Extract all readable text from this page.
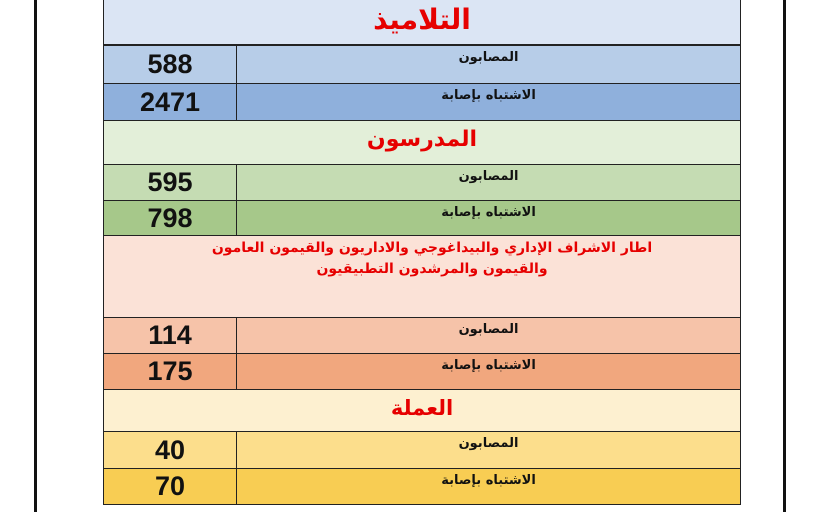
التلاميذ
588	المصابون
2471	الاشتباه بإصابة
المدرسون
595	المصابون
798	الاشتباه بإصابة
اطار الاشراف الإداري والبيداغوجي والاداريون والقيمون العامون
والقيمون والمرشدون التطبيقيون
114	المصابون
175	الاشتباه بإصابة
العملة
40	المصابون
70	الاشتباه بإصابة
